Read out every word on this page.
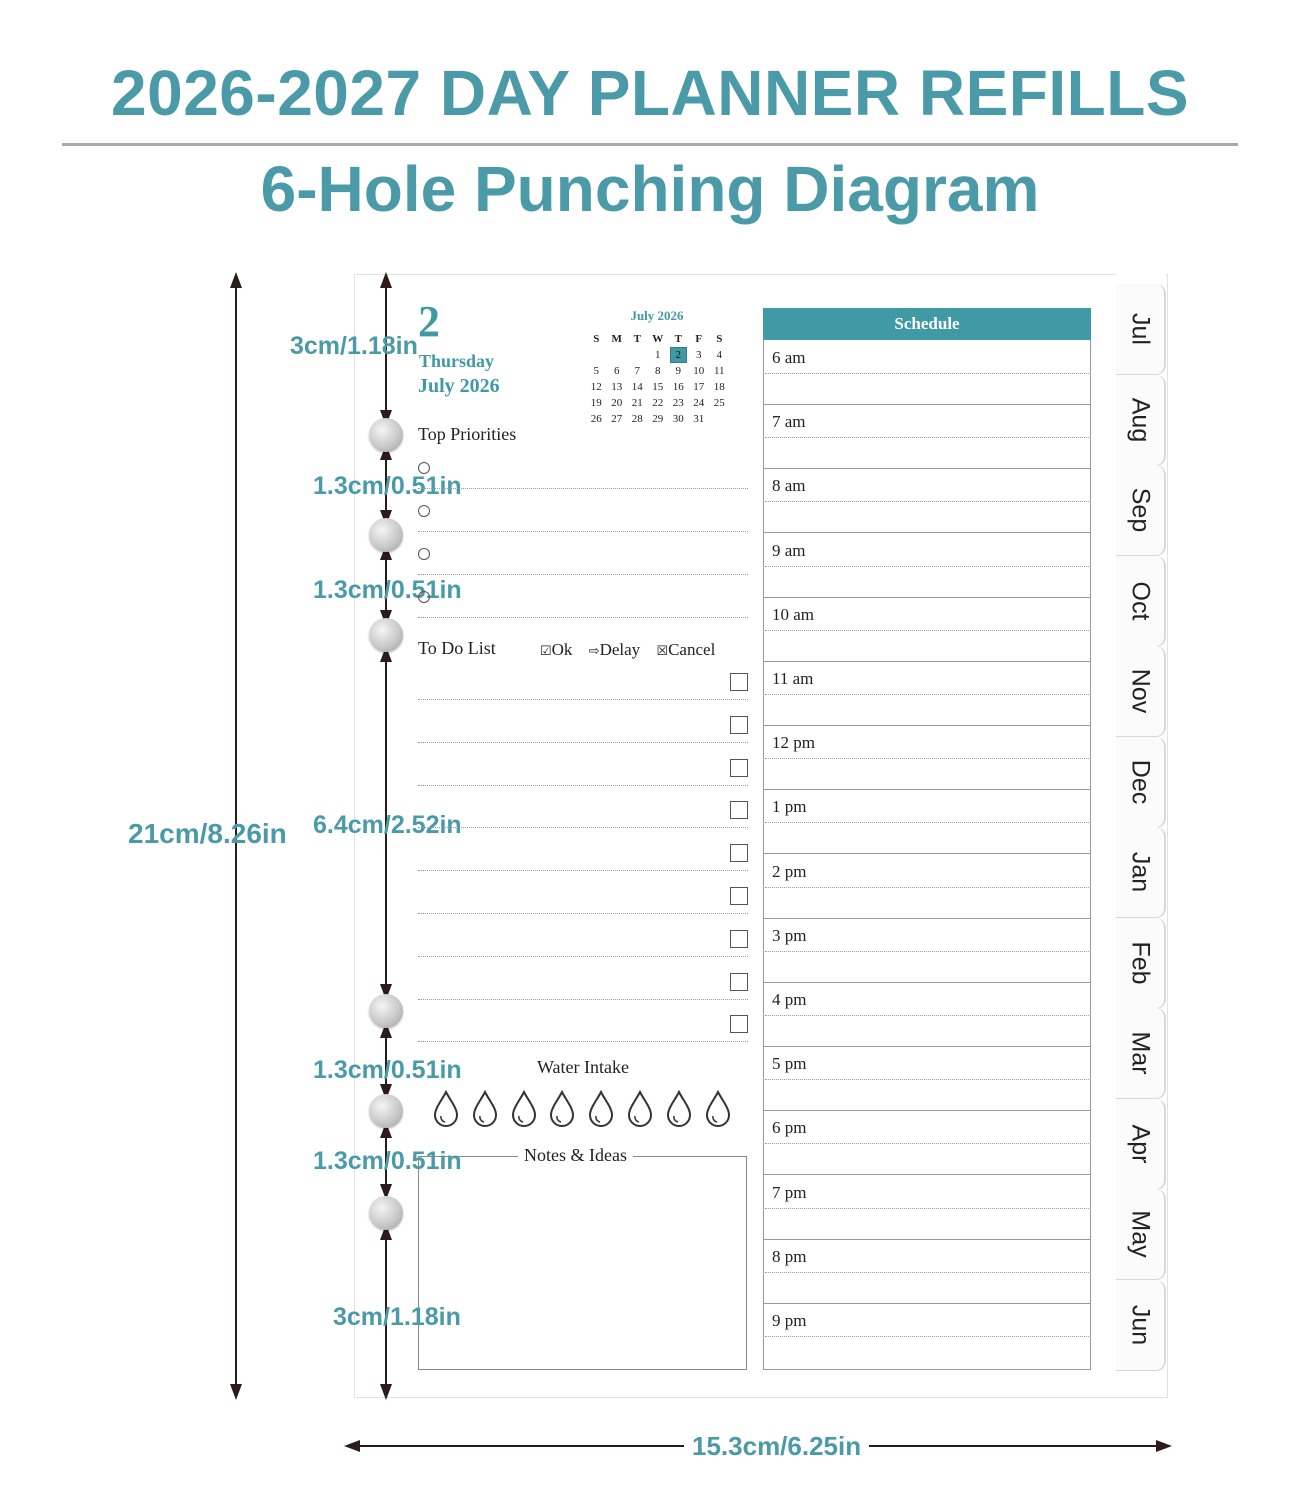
2026-2027 DAY PLANNER REFILLS
6-Hole Punching Diagram
Jul
Aug
Sep
Oct
Nov
Dec
Jan
Feb
Mar
Apr
May
Jun
2
Thursday
July 2026
July 2026
S	M	T	W	T	F	S
			1	2	3	4
5	6	7	8	9	10	11
12	13	14	15	16	17	18
19	20	21	22	23	24	25
26	27	28	29	30	31	
Top Priorities
To Do List	☑Ok ⇨Delay ☒Cancel
Water Intake
Notes & Ideas
Schedule
21cm/8.26in
15.3cm/6.25in
3cm/1.18in
1.3cm/0.51in
1.3cm/0.51in
6.4cm/2.52in
1.3cm/0.51in
1.3cm/0.51in
3cm/1.18in
6 am
7 am
8 am
9 am
10 am
11 am
12 pm
1 pm
2 pm
3 pm
4 pm
5 pm
6 pm
7 pm
8 pm
9 pm
